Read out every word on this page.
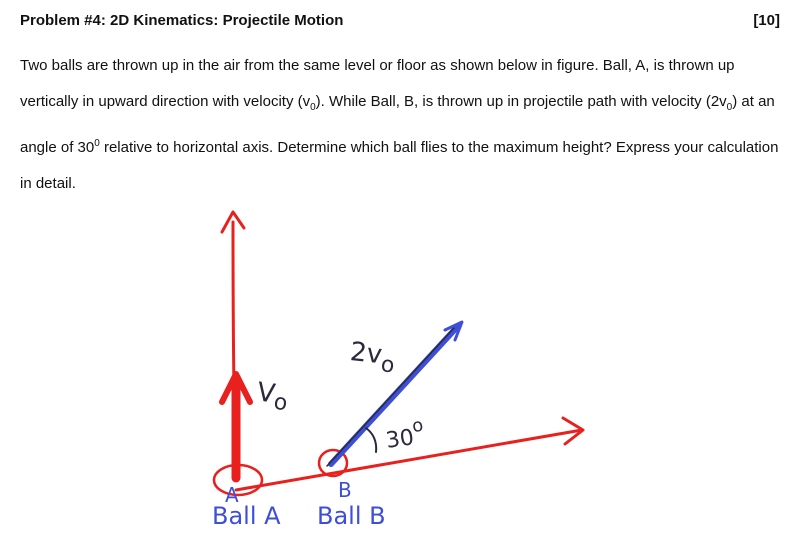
Problem #4: 2D Kinematics: Projectile Motion	[10]
Two balls are thrown up in the air from the same level or floor as shown below in figure. Ball, A, is thrown up vertically in upward direction with velocity $(v_0)$. While Ball, B, is thrown up in projectile path with velocity $(2v_0)$ at an angle of $30^0$ relative to horizontal axis. Determine which ball flies to the maximum height? Express your calculation in detail.
$V_o$
$2v_o$
30$^o$
A	B
Ball A Ball B
